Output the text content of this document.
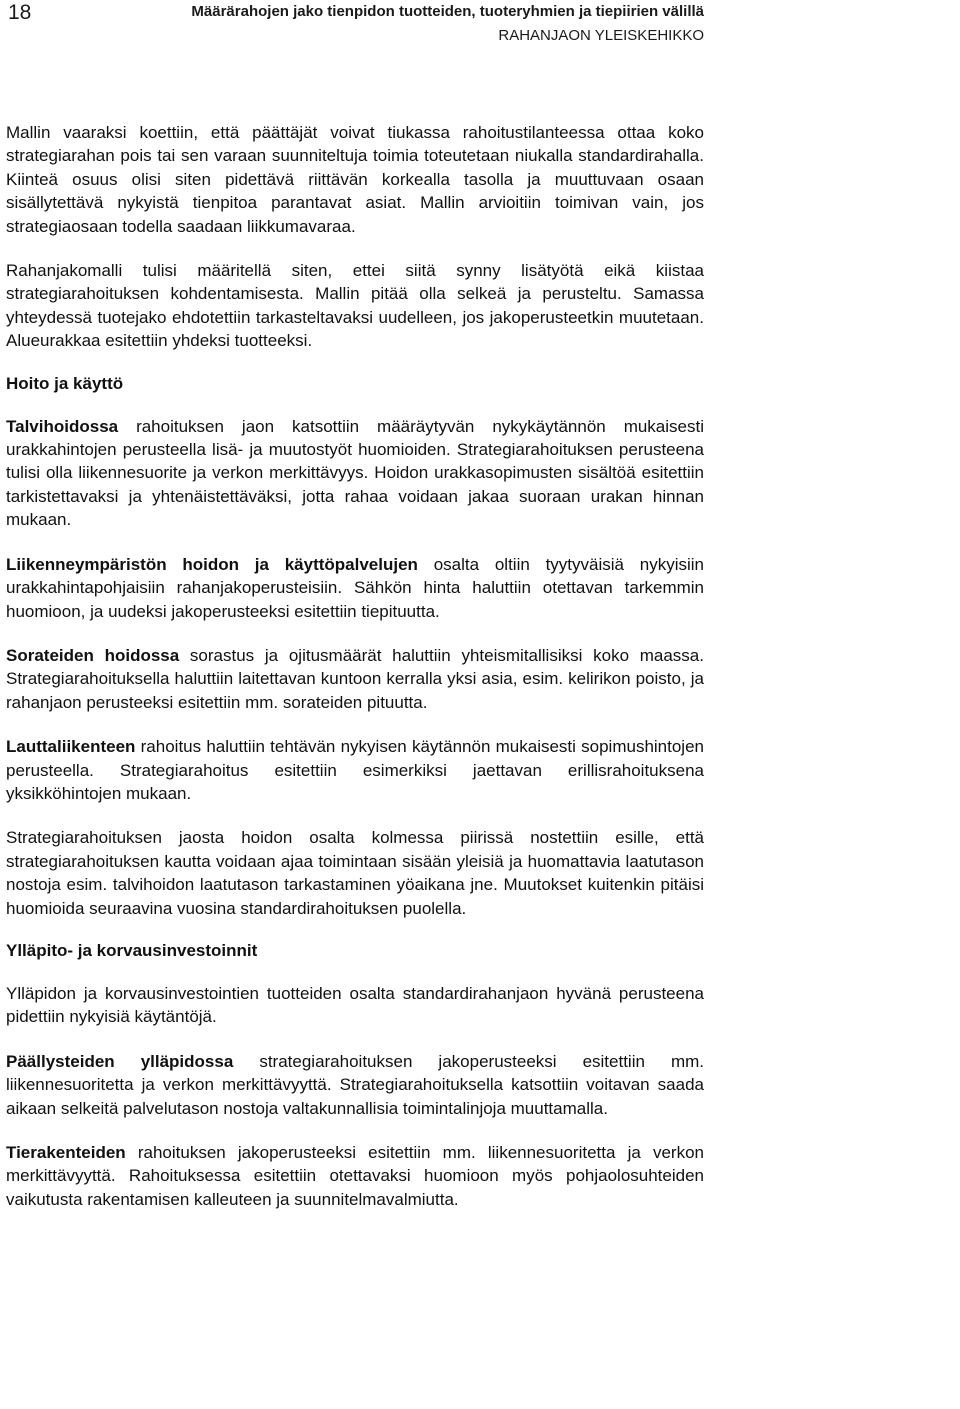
18	Määrärahojen jako tienpidon tuotteiden, tuoteryhmien ja tiepiirien välillä
RAHANJAON YLEISKEHIKKO

Mallin vaaraksi koettiin, että päättäjät voivat tiukassa rahoitustilanteessa ottaa koko strategiarahan pois tai sen varaan suunniteltuja toimia toteutetaan niukalla standardirahalla. Kiinteä osuus olisi siten pidettävä riittävän korkealla tasolla ja muuttuvaan osaan sisällytettävä nykyistä tienpitoa parantavat asiat. Mallin arvioitiin toimivan vain, jos strategiaosaan todella saadaan liikkumavaraa.

Rahanjakomalli tulisi määritellä siten, ettei siitä synny lisätyötä eikä kiistaa strategiarahoituksen kohdentamisesta. Mallin pitää olla selkeä ja perusteltu. Samassa yhteydessä tuotejako ehdotettiin tarkasteltavaksi uudelleen, jos jakoperusteetkin muutetaan. Alueurakkaa esitettiin yhdeksi tuotteeksi.

Hoito ja käyttö

Talvihoidossa rahoituksen jaon katsottiin määräytyvän nykykäytännön mukaisesti urakkahintojen perusteella lisä- ja muutostyöt huomioiden. Strategiarahoituksen perusteena tulisi olla liikennesuorite ja verkon merkittävyys. Hoidon urakkasopimusten sisältöä esitettiin tarkistettavaksi ja yhtenäistettäväksi, jotta rahaa voidaan jakaa suoraan urakan hinnan mukaan.

Liikenneympäristön hoidon ja käyttöpalvelujen osalta oltiin tyytyväisiä nykyisiin urakkahintapohjaisiin rahanjakoperusteisiin. Sähkön hinta haluttiin otettavan tarkemmin huomioon, ja uudeksi jakoperusteeksi esitettiin tiepituutta.

Sorateiden hoidossa sorastus ja ojitusmäärät haluttiin yhteismitallisiksi koko maassa. Strategiarahoituksella haluttiin laitettavan kuntoon kerralla yksi asia, esim. kelirikon poisto, ja rahanjaon perusteeksi esitettiin mm. sorateiden pituutta.

Lauttaliikenteen rahoitus haluttiin tehtävän nykyisen käytännön mukaisesti sopimushintojen perusteella. Strategiarahoitus esitettiin esimerkiksi jaettavan erillisrahoituksena yksikköhintojen mukaan.

Strategiarahoituksen jaosta hoidon osalta kolmessa piirissä nostettiin esille, että strategiarahoituksen kautta voidaan ajaa toimintaan sisään yleisiä ja huomattavia laatutason nostoja esim. talvihoidon laatutason tarkastaminen yöaikana jne. Muutokset kuitenkin pitäisi huomioida seuraavina vuosina standardirahoituksen puolella.

Ylläpito- ja korvausinvestoinnit

Ylläpidon ja korvausinvestointien tuotteiden osalta standardirahanjaon hyvänä perusteena pidettiin nykyisiä käytäntöjä.

Päällysteiden ylläpidossa strategiarahoituksen jakoperusteeksi esitettiin mm. liikennesuoritetta ja verkon merkittävyyttä. Strategiarahoituksella katsottiin voitavan saada aikaan selkeitä palvelutason nostoja valtakunnallisia toimintalinjoja muuttamalla.

Tierakenteiden rahoituksen jakoperusteeksi esitettiin mm. liikennesuoritetta ja verkon merkittävyyttä. Rahoituksessa esitettiin otettavaksi huomioon myös pohjaolosuhteiden vaikutusta rakentamisen kalleuteen ja suunnitelmavalmiutta.
